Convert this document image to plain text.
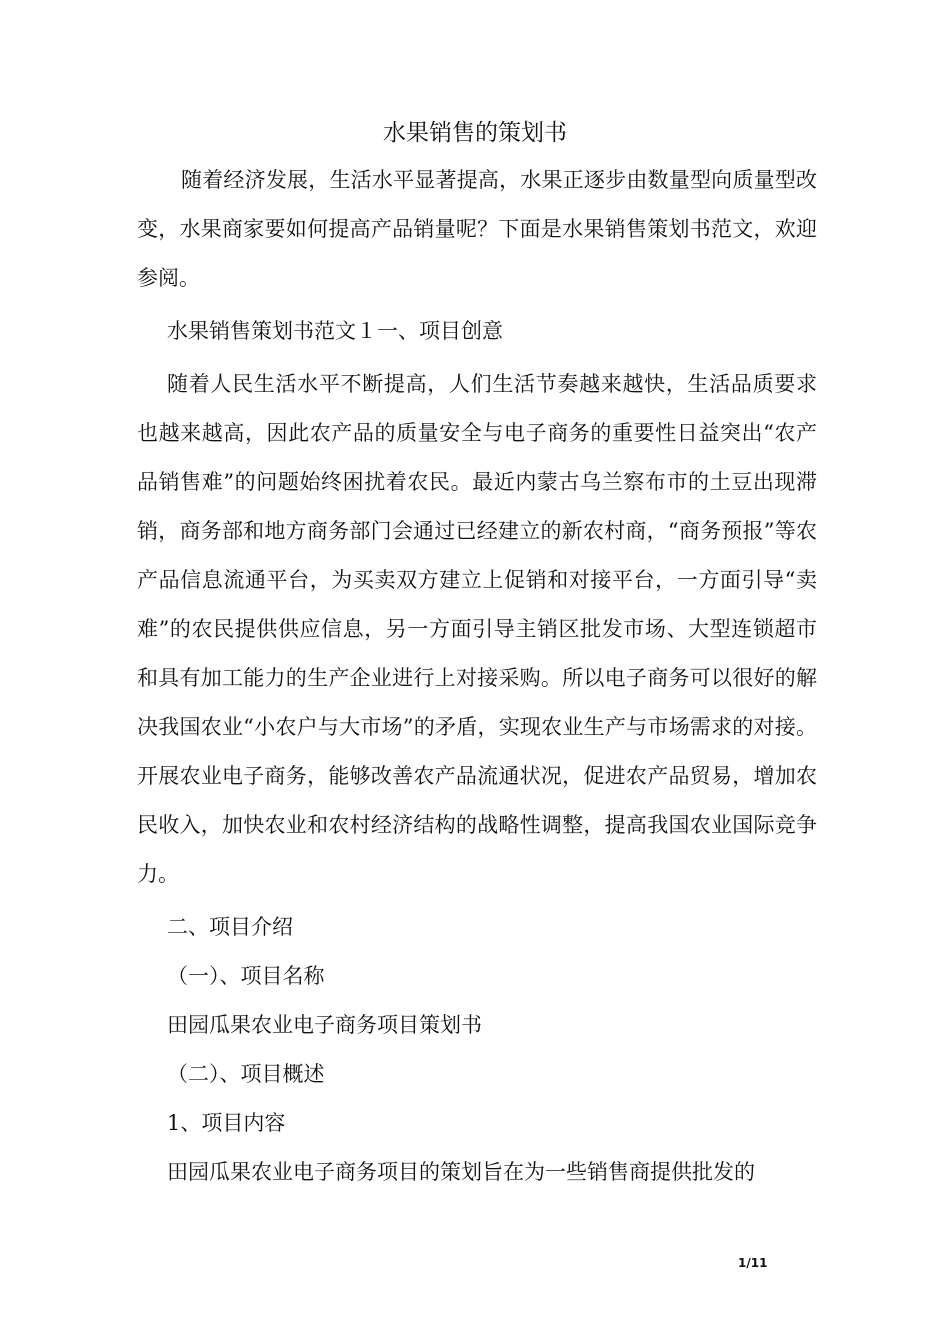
水果销售的策划书

随着经济发展，生活水平显著提高，水果正逐步由数量型向质量型改变，水果商家要如何提高产品销量呢？下面是水果销售策划书范文，欢迎参阅。

水果销售策划书范文１一、项目创意

随着人民生活水平不断提高，人们生活节奏越来越快，生活品质要求也越来越高，因此农产品的质量安全与电子商务的重要性日益突出“农产品销售难”的问题始终困扰着农民。最近内蒙古乌兰察布市的土豆出现滞销，商务部和地方商务部门会通过已经建立的新农村商，“商务预报”等农产品信息流通平台，为买卖双方建立上促销和对接平台，一方面引导“卖难”的农民提供供应信息，另一方面引导主销区批发市场、大型连锁超市和具有加工能力的生产企业进行上对接采购。所以电子商务可以很好的解决我国农业“小农户与大市场”的矛盾，实现农业生产与市场需求的对接。开展农业电子商务，能够改善农产品流通状况，促进农产品贸易，增加农民收入，加快农业和农村经济结构的战略性调整，提高我国农业国际竞争力。

二、项目介绍

（一）、项目名称

田园瓜果农业电子商务项目策划书

（二）、项目概述

1、项目内容

田园瓜果农业电子商务项目的策划旨在为一些销售商提供批发的

1/11
